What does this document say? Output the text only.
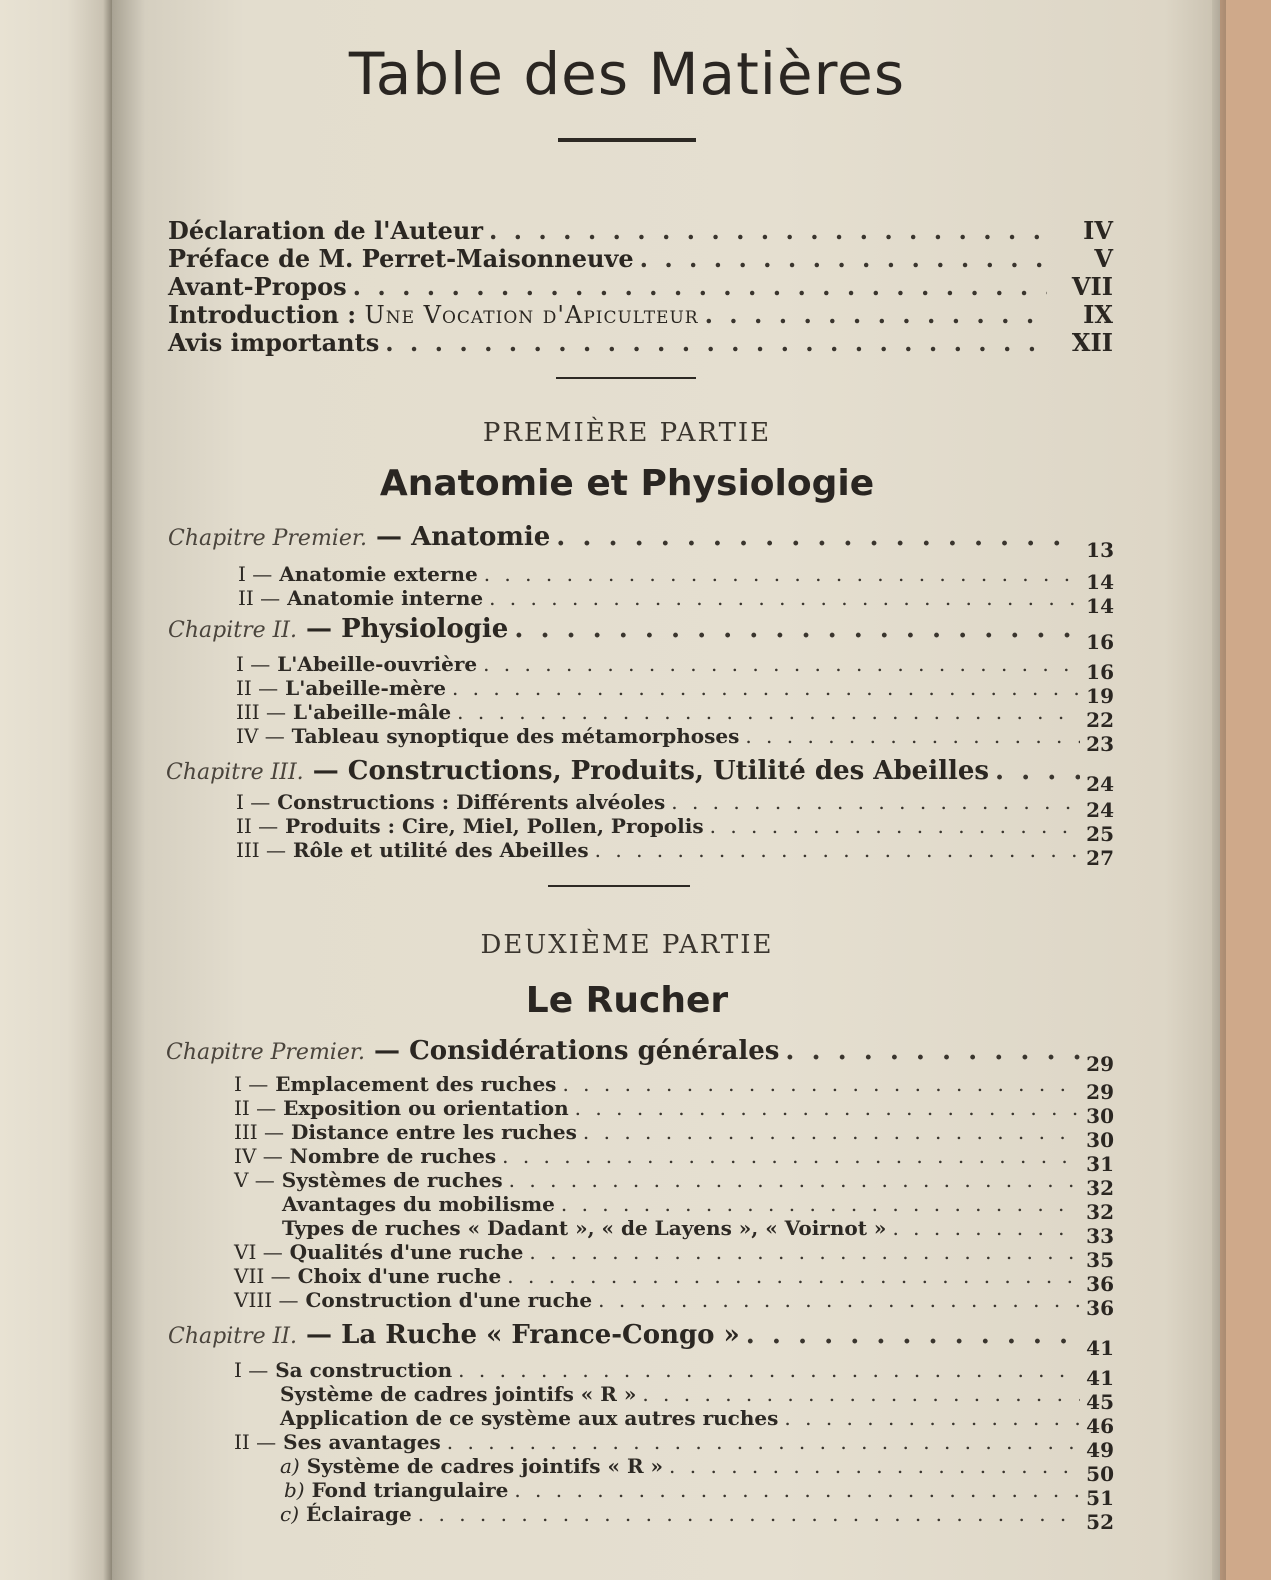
Table des Matières
Déclaration de l'Auteur . . .	IV
Préface de M. Perret-Maisonneuve . . .	V
Avant-Propos . . .	VII
Introduction : Une Vocation d'Apiculteur . . .	IX
Avis importants . . .	XII
PREMIÈRE PARTIE
Anatomie et Physiologie
Chapitre Premier. — Anatomie . . .	13
I — Anatomie externe . . .	14
II — Anatomie interne . . .	14
Chapitre II. — Physiologie . . .	16
I — L'Abeille-ouvrière . . .	16
II — L'abeille-mère . . .	19
III — L'abeille-mâle . . .	22
IV — Tableau synoptique des métamorphoses . . .	23
Chapitre III. — Constructions, Produits, Utilité des Abeilles . . .	24
I — Constructions : Différents alvéoles . . .	24
II — Produits : Cire, Miel, Pollen, Propolis . . .	25
III — Rôle et utilité des Abeilles . . .	27
DEUXIÈME PARTIE
Le Rucher
Chapitre Premier. — Considérations générales . . .	29
I — Emplacement des ruches . . .	29
II — Exposition ou orientation . . .	30
III — Distance entre les ruches . . .	30
IV — Nombre de ruches . . .	31
V — Systèmes de ruches . . .	32
Avantages du mobilisme . . .	32
Types de ruches « Dadant », « de Layens », « Voirnot » . . .	33
VI — Qualités d'une ruche . . .	35
VII — Choix d'une ruche . . .	36
VIII — Construction d'une ruche . . .	36
Chapitre II. — La Ruche « France-Congo » . . .	41
I — Sa construction . . .	41
Système de cadres jointifs « R » . . .	45
Application de ce système aux autres ruches . . .	46
II — Ses avantages . . .	49
a) Système de cadres jointifs « R » . . .	50
b) Fond triangulaire . . .	51
c) Éclairage . . .	52
